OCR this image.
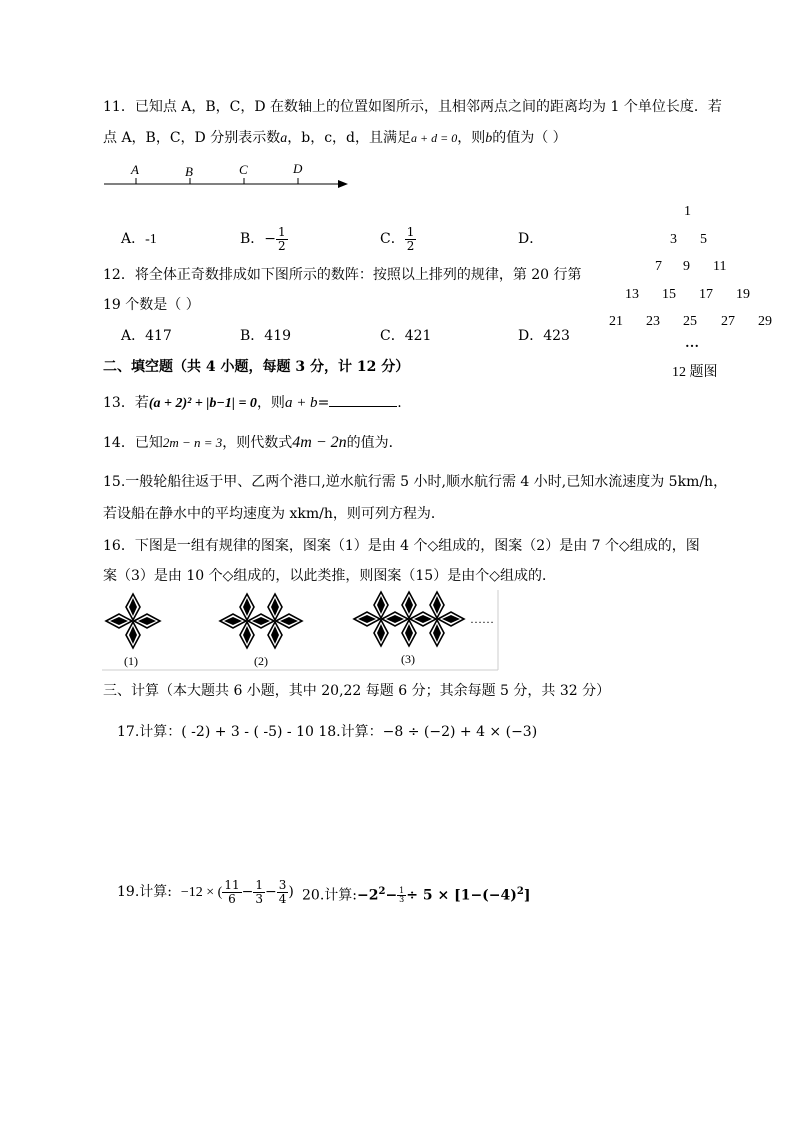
11．已知点 A，B，C，D 在数轴上的位置如图所示，且相邻两点之间的距离均为 1 个单位长度．若
点 A，B，C，D 分别表示数a，b，c，d，且满足a + d = 0，则b的值为（ ）
A	B	C	D
A．-1	B．− $\frac{1}{2}$	C． $\frac{1}{2}$	D．
12．将全体正奇数排成如下图所示的数阵：按照以上排列的规律，第 20 行第
19 个数是（ ）
A．417	B．419	C．421	D．423
1
3 5
7 9 11
13 15 17 19
21 23 25 27 29
…
12 题图
二、填空题（共 4 小题，每题 3 分，计 12 分）
13．若(a + 2)² + |b−1| = 0，则a + b=	.
14．已知2m − n = 3，则代数式4m − 2n的值为．
15.一般轮船往返于甲、乙两个港口,逆水航行需 5 小时,顺水航行需 4 小时,已知水流速度为 5km/h，
若设船在静水中的平均速度为 xkm/h，则可列方程为．
16．下图是一组有规律的图案，图案（1）是由 4 个◇组成的，图案（2）是由 7 个◇组成的，图
案（3）是由 10 个◇组成的，以此类推，则图案（15）是由个◇组成的．
(1)	(2)	(3)
……
三、计算（本大题共 6 小题，其中 20,22 每题 6 分；其余每题 5 分，共 32 分）
17.计算：( -2) + 3 - ( -5) - 10 18.计算：−8 ÷ (−2) + 4 × (−3)
19.计算: −12 × ( $\frac{11}{6} - \frac{1}{3} - \frac{3}{4}$ ) 20.计算$:-2^2- \frac{1}{3} \div 5 \times [1-(-4)^2]$
